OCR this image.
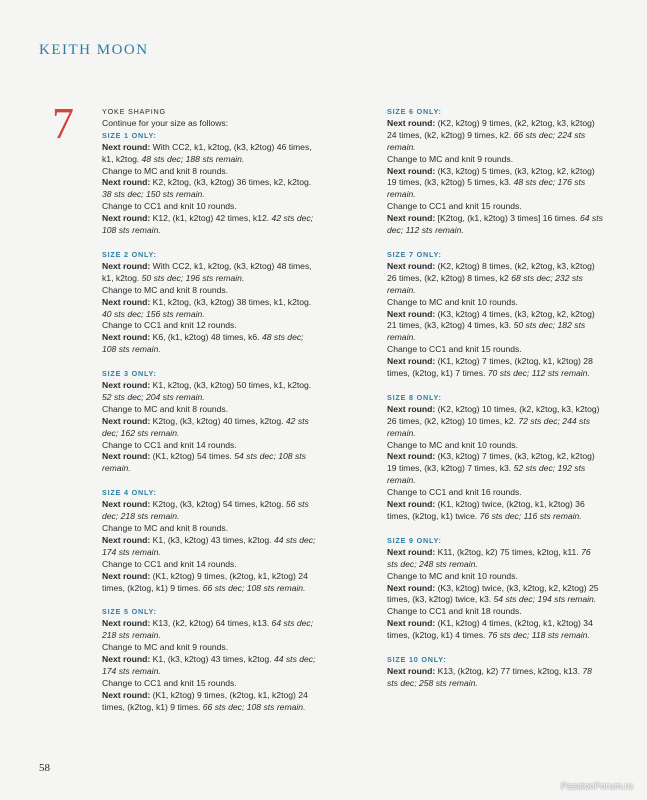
KEITH MOON
7	YOKE SHAPING
Continue for your size as follows:
SIZE 1 ONLY:
Next round: With CC2, k1, k2tog, (k3, k2tog) 46 times, k1, k2tog. 48 sts dec; 188 sts remain.
Change to MC and knit 8 rounds.
Next round: K2, k2tog, (k3, k2tog) 36 times, k2, k2tog. 38 sts dec; 150 sts remain.
Change to CC1 and knit 10 rounds.
Next round: K12, (k1, k2tog) 42 times, k12. 42 sts dec; 108 sts remain.
SIZE 2 ONLY:
Next round: With CC2, k1, k2tog, (k3, k2tog) 48 times, k1, k2tog. 50 sts dec; 196 sts remain.
Change to MC and knit 8 rounds.
Next round: K1, k2tog, (k3, k2tog) 38 times, k1, k2tog. 40 sts dec; 156 sts remain.
Change to CC1 and knit 12 rounds.
Next round: K6, (k1, k2tog) 48 times, k6. 48 sts dec; 108 sts remain.
SIZE 3 ONLY:
Next round: K1, k2tog, (k3, k2tog) 50 times, k1, k2tog. 52 sts dec; 204 sts remain.
Change to MC and knit 8 rounds.
Next round: K2tog, (k3, k2tog) 40 times, k2tog. 42 sts dec; 162 sts remain.
Change to CC1 and knit 14 rounds.
Next round: (K1, k2tog) 54 times. 54 sts dec; 108 sts remain.
SIZE 4 ONLY:
Next round: K2tog, (k3, k2tog) 54 times, k2tog. 56 sts dec; 218 sts remain.
Change to MC and knit 8 rounds.
Next round: K1, (k3, k2tog) 43 times, k2tog. 44 sts dec; 174 sts remain.
Change to CC1 and knit 14 rounds.
Next round: (K1, k2tog) 9 times, (k2tog, k1, k2tog) 24 times, (k2tog, k1) 9 times. 66 sts dec; 108 sts remain.
SIZE 5 ONLY:
Next round: K13, (k2, k2tog) 64 times, k13. 64 sts dec; 218 sts remain.
Change to MC and knit 9 rounds.
Next round: K1, (k3, k2tog) 43 times, k2tog. 44 sts dec; 174 sts remain.
Change to CC1 and knit 15 rounds.
Next round: (K1, k2tog) 9 times, (k2tog, k1, k2tog) 24 times, (k2tog, k1) 9 times. 66 sts dec; 108 sts remain.
SIZE 6 ONLY:
Next round: (K2, k2tog) 9 times, (k2, k2tog, k3, k2tog) 24 times, (k2, k2tog) 9 times, k2. 66 sts dec; 224 sts remain.
Change to MC and knit 9 rounds.
Next round: (K3, k2tog) 5 times, (k3, k2tog, k2, k2tog) 19 times, (k3, k2tog) 5 times, k3. 48 sts dec; 176 sts remain.
Change to CC1 and knit 15 rounds.
Next round: [K2tog, (k1, k2tog) 3 times] 16 times. 64 sts dec; 112 sts remain.
SIZE 7 ONLY:
Next round: (K2, k2tog) 8 times, (k2, k2tog, k3, k2tog) 26 times, (k2, k2tog) 8 times, k2 68 sts dec; 232 sts remain.
Change to MC and knit 10 rounds.
Next round: (K3, k2tog) 4 times, (k3, k2tog, k2, k2tog) 21 times, (k3, k2tog) 4 times, k3. 50 sts dec; 182 sts remain.
Change to CC1 and knit 15 rounds.
Next round: (K1, k2tog) 7 times, (k2tog, k1, k2tog) 28 times, (k2tog, k1) 7 times. 70 sts dec; 112 sts remain.
SIZE 8 ONLY:
Next round: (K2, k2tog) 10 times, (k2, k2tog, k3, k2tog) 26 times, (k2, k2tog) 10 times, k2. 72 sts dec; 244 sts remain.
Change to MC and knit 10 rounds.
Next round: (K3, k2tog) 7 times, (k3, k2tog, k2, k2tog) 19 times, (k3, k2tog) 7 times, k3. 52 sts dec; 192 sts remain.
Change to CC1 and knit 16 rounds.
Next round: (K1, k2tog) twice, (k2tog, k1, k2tog) 36 times, (k2tog, k1) twice. 76 sts dec; 116 sts remain.
SIZE 9 ONLY:
Next round: K11, (k2tog, k2) 75 times, k2tog, k11. 76 sts dec; 248 sts remain.
Change to MC and knit 10 rounds.
Next round: (K3, k2tog) twice, (k3, k2tog, k2, k2tog) 25 times, (k3, k2tog) twice, k3. 54 sts dec; 194 sts remain.
Change to CC1 and knit 18 rounds.
Next round: (K1, k2tog) 4 times, (k2tog, k1, k2tog) 34 times, (k2tog, k1) 4 times. 76 sts dec; 118 sts remain.
SIZE 10 ONLY:
Next round: K13, (k2tog, k2) 77 times, k2tog, k13. 78 sts dec; 258 sts remain.
58
PassionForum.ru
